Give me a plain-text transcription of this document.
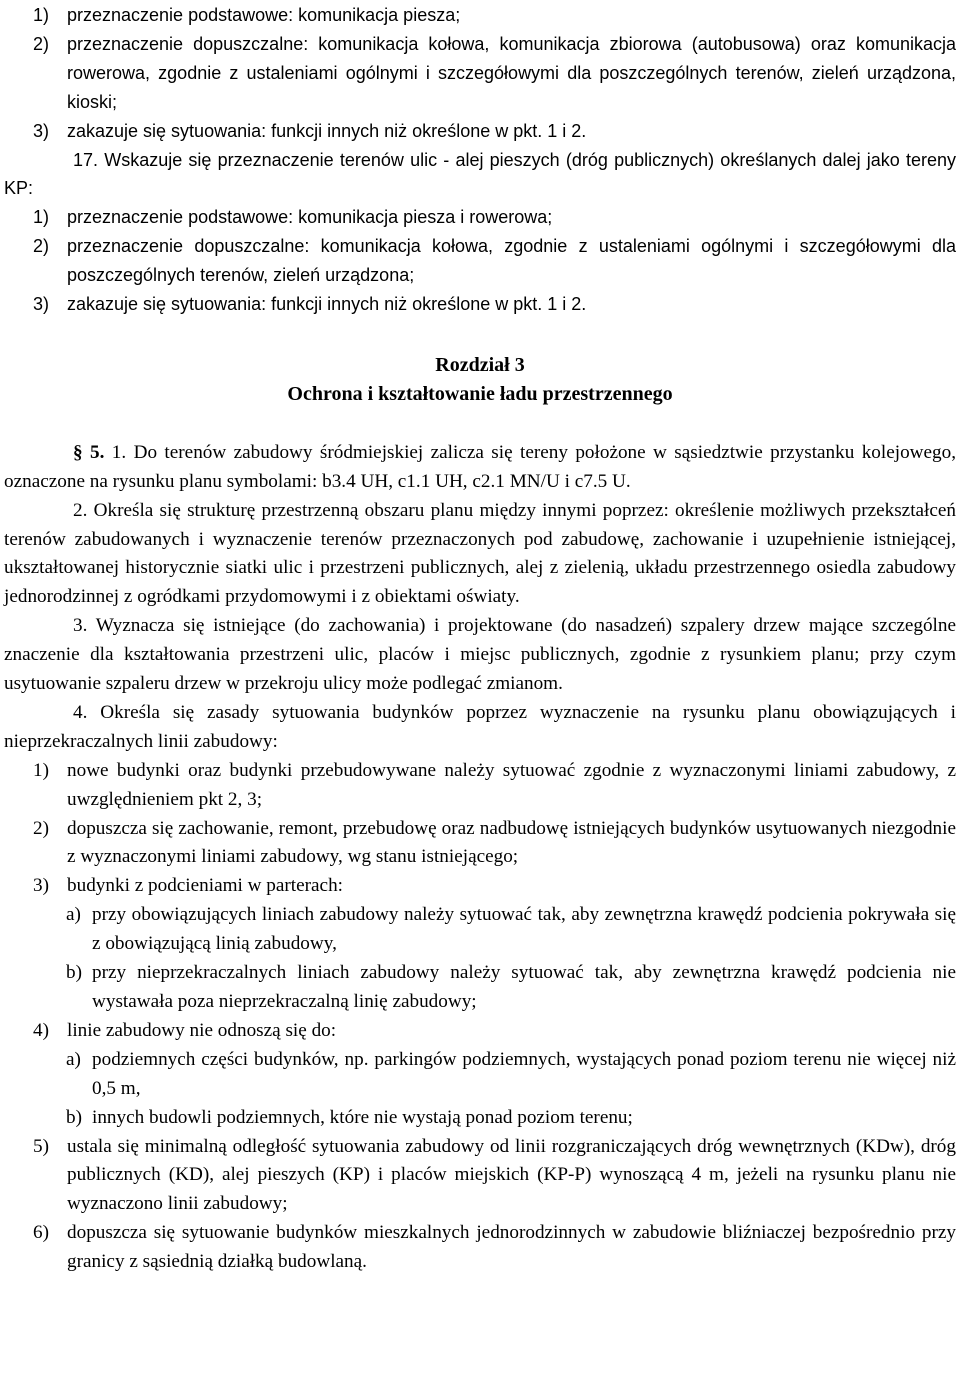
1) przeznaczenie podstawowe: komunikacja piesza;
2) przeznaczenie dopuszczalne: komunikacja kołowa, komunikacja zbiorowa (autobusowa) oraz komunikacja rowerowa, zgodnie z ustaleniami ogólnymi i szczegółowymi dla poszczególnych terenów, zieleń urządzona, kioski;
3) zakazuje się sytuowania: funkcji innych niż określone w pkt. 1 i 2.

17. Wskazuje się przeznaczenie terenów ulic - alej pieszych (dróg publicznych) określanych dalej jako tereny KP:

1) przeznaczenie podstawowe: komunikacja piesza i rowerowa;
2) przeznaczenie dopuszczalne: komunikacja kołowa, zgodnie z ustaleniami ogólnymi i szczegółowymi dla poszczególnych terenów, zieleń urządzona;
3) zakazuje się sytuowania: funkcji innych niż określone w pkt. 1 i 2.

Rozdział 3

Ochrona i kształtowanie ładu przestrzennego

§ 5. 1. Do terenów zabudowy śródmiejskiej zalicza się tereny położone w sąsiedztwie przystanku kolejowego, oznaczone na rysunku planu symbolami: b3.4 UH, c1.1 UH, c2.1 MN/U i c7.5 U.

2. Określa się strukturę przestrzenną obszaru planu między innymi poprzez: określenie możliwych przekształceń terenów zabudowanych i wyznaczenie terenów przeznaczonych pod zabudowę, zachowanie i uzupełnienie istniejącej, ukształtowanej historycznie siatki ulic i przestrzeni publicznych, alej z zielenią, układu przestrzennego osiedla zabudowy jednorodzinnej z ogródkami przydomowymi i z obiektami oświaty.

3. Wyznacza się istniejące (do zachowania) i projektowane (do nasadzeń) szpalery drzew mające szczególne znaczenie dla kształtowania przestrzeni ulic, placów i miejsc publicznych, zgodnie z rysunkiem planu; przy czym usytuowanie szpaleru drzew w przekroju ulicy może podlegać zmianom.

4. Określa się zasady sytuowania budynków poprzez wyznaczenie na rysunku planu obowiązujących i nieprzekraczalnych linii zabudowy:

1) nowe budynki oraz budynki przebudowywane należy sytuować zgodnie z wyznaczonymi liniami zabudowy, z uwzględnieniem pkt 2, 3;
2) dopuszcza się zachowanie, remont, przebudowę oraz nadbudowę istniejących budynków usytuowanych niezgodnie z wyznaczonymi liniami zabudowy, wg stanu istniejącego;
3) budynki z podcieniami w parterach:
a) przy obowiązujących liniach zabudowy należy sytuować tak, aby zewnętrzna krawędź podcienia pokrywała się z obowiązującą linią zabudowy,
b) przy nieprzekraczalnych liniach zabudowy należy sytuować tak, aby zewnętrzna krawędź podcienia nie wystawała poza nieprzekraczalną linię zabudowy;
4) linie zabudowy nie odnoszą się do:
a) podziemnych części budynków, np. parkingów podziemnych, wystających ponad poziom terenu nie więcej niż 0,5 m,
b) innych budowli podziemnych, które nie wystają ponad poziom terenu;
5) ustala się minimalną odległość sytuowania zabudowy od linii rozgraniczających dróg wewnętrznych (KDw), dróg publicznych (KD), alej pieszych (KP) i placów miejskich (KP-P) wynoszącą 4 m, jeżeli na rysunku planu nie wyznaczono linii zabudowy;
6) dopuszcza się sytuowanie budynków mieszkalnych jednorodzinnych w zabudowie bliźniaczej bezpośrednio przy granicy z sąsiednią działką budowlaną.
